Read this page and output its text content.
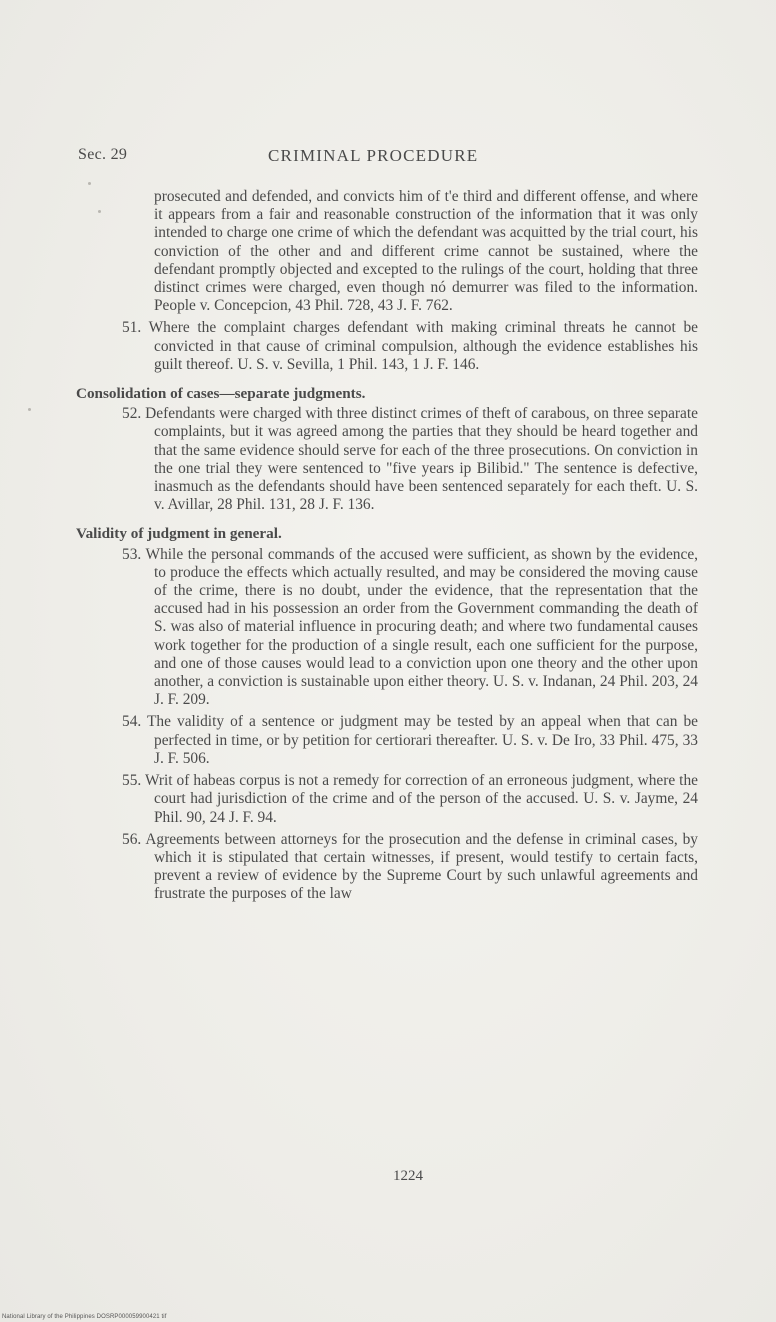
Sec. 29	CRIMINAL PROCEDURE

prosecuted and defended, and convicts him of t'e third and different offense, and where it appears from a fair and reasonable construction of the information that it was only intended to charge one crime of which the defendant was acquitted by the trial court, his conviction of the other and and different crime cannot be sustained, where the defendant promptly objected and excepted to the rulings of the court, holding that three distinct crimes were charged, even though nó demurrer was filed to the information. People v. Concepcion, 43 Phil. 728, 43 J. F. 762.

51. Where the complaint charges defendant with making criminal threats he cannot be convicted in that cause of criminal compulsion, although the evidence establishes his guilt thereof. U. S. v. Sevilla, 1 Phil. 143, 1 J. F. 146.

Consolidation of cases—separate judgments.

52. Defendants were charged with three distinct crimes of theft of carabous, on three separate complaints, but it was agreed among the parties that they should be heard together and that the same evidence should serve for each of the three prosecutions. On conviction in the one trial they were sentenced to "five years ip Bilibid." The sentence is defective, inasmuch as the defendants should have been sentenced separately for each theft. U. S. v. Avillar, 28 Phil. 131, 28 J. F. 136.

Validity of judgment in general.

53. While the personal commands of the accused were sufficient, as shown by the evidence, to produce the effects which actually resulted, and may be considered the moving cause of the crime, there is no doubt, under the evidence, that the representation that the accused had in his possession an order from the Government commanding the death of S. was also of material influence in procuring death; and where two fundamental causes work together for the production of a single result, each one sufficient for the purpose, and one of those causes would lead to a conviction upon one theory and the other upon another, a conviction is sustainable upon either theory. U. S. v. Indanan, 24 Phil. 203, 24 J. F. 209.

54. The validity of a sentence or judgment may be tested by an appeal when that can be perfected in time, or by petition for certiorari thereafter. U. S. v. De Iro, 33 Phil. 475, 33 J. F. 506.

55. Writ of habeas corpus is not a remedy for correction of an erroneous judgment, where the court had jurisdiction of the crime and of the person of the accused. U. S. v. Jayme, 24 Phil. 90, 24 J. F. 94.

56. Agreements between attorneys for the prosecution and the defense in criminal cases, by which it is stipulated that certain witnesses, if present, would testify to certain facts, prevent a review of evidence by the Supreme Court by such unlawful agreements and frustrate the purposes of the law

1224
National Library of the Philippines DOSRP000059900421 tif
